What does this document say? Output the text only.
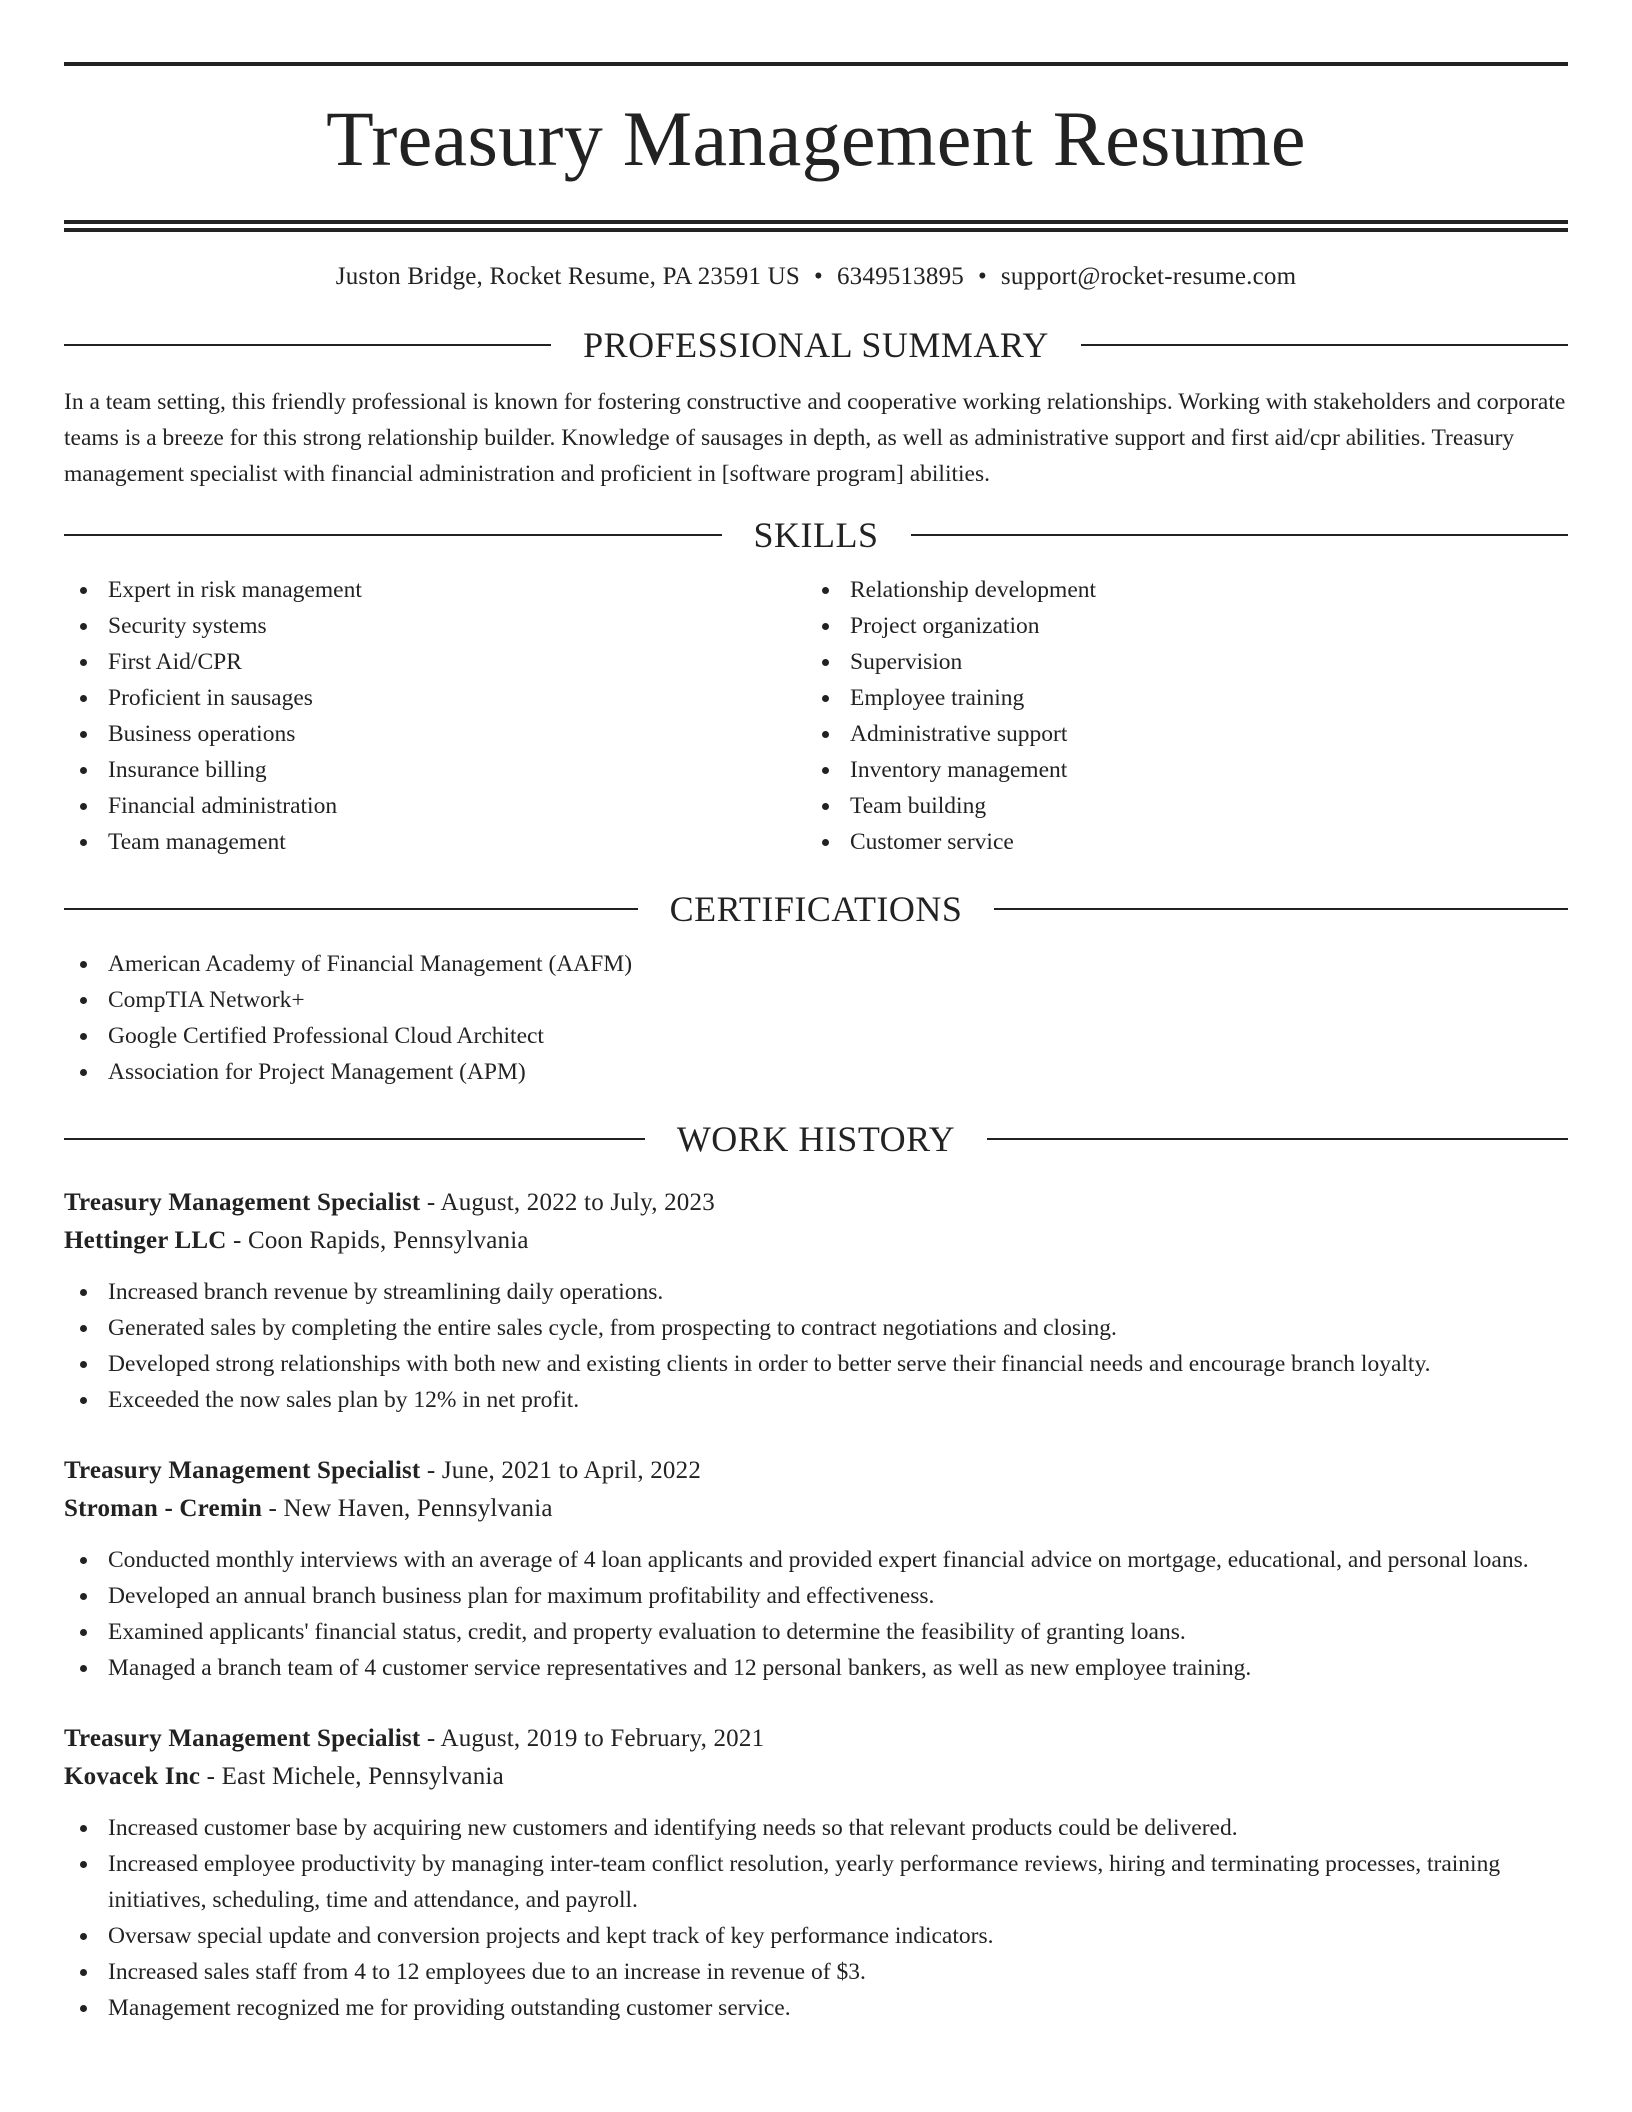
Treasury Management Resume
Juston Bridge, Rocket Resume, PA 23591 US • 6349513895 • support@rocket-resume.com
PROFESSIONAL SUMMARY
In a team setting, this friendly professional is known for fostering constructive and cooperative working relationships. Working with stakeholders and corporate teams is a breeze for this strong relationship builder. Knowledge of sausages in depth, as well as administrative support and first aid/cpr abilities. Treasury management specialist with financial administration and proficient in [software program] abilities.
SKILLS
Expert in risk management
Security systems
First Aid/CPR
Proficient in sausages
Business operations
Insurance billing
Financial administration
Team management
Relationship development
Project organization
Supervision
Employee training
Administrative support
Inventory management
Team building
Customer service
CERTIFICATIONS
American Academy of Financial Management (AAFM)
CompTIA Network+
Google Certified Professional Cloud Architect
Association for Project Management (APM)
WORK HISTORY
Treasury Management Specialist - August, 2022 to July, 2023
Hettinger LLC - Coon Rapids, Pennsylvania
Increased branch revenue by streamlining daily operations.
Generated sales by completing the entire sales cycle, from prospecting to contract negotiations and closing.
Developed strong relationships with both new and existing clients in order to better serve their financial needs and encourage branch loyalty.
Exceeded the now sales plan by 12% in net profit.
Treasury Management Specialist - June, 2021 to April, 2022
Stroman - Cremin - New Haven, Pennsylvania
Conducted monthly interviews with an average of 4 loan applicants and provided expert financial advice on mortgage, educational, and personal loans.
Developed an annual branch business plan for maximum profitability and effectiveness.
Examined applicants' financial status, credit, and property evaluation to determine the feasibility of granting loans.
Managed a branch team of 4 customer service representatives and 12 personal bankers, as well as new employee training.
Treasury Management Specialist - August, 2019 to February, 2021
Kovacek Inc - East Michele, Pennsylvania
Increased customer base by acquiring new customers and identifying needs so that relevant products could be delivered.
Increased employee productivity by managing inter-team conflict resolution, yearly performance reviews, hiring and terminating processes, training initiatives, scheduling, time and attendance, and payroll.
Oversaw special update and conversion projects and kept track of key performance indicators.
Increased sales staff from 4 to 12 employees due to an increase in revenue of $3.
Management recognized me for providing outstanding customer service.
